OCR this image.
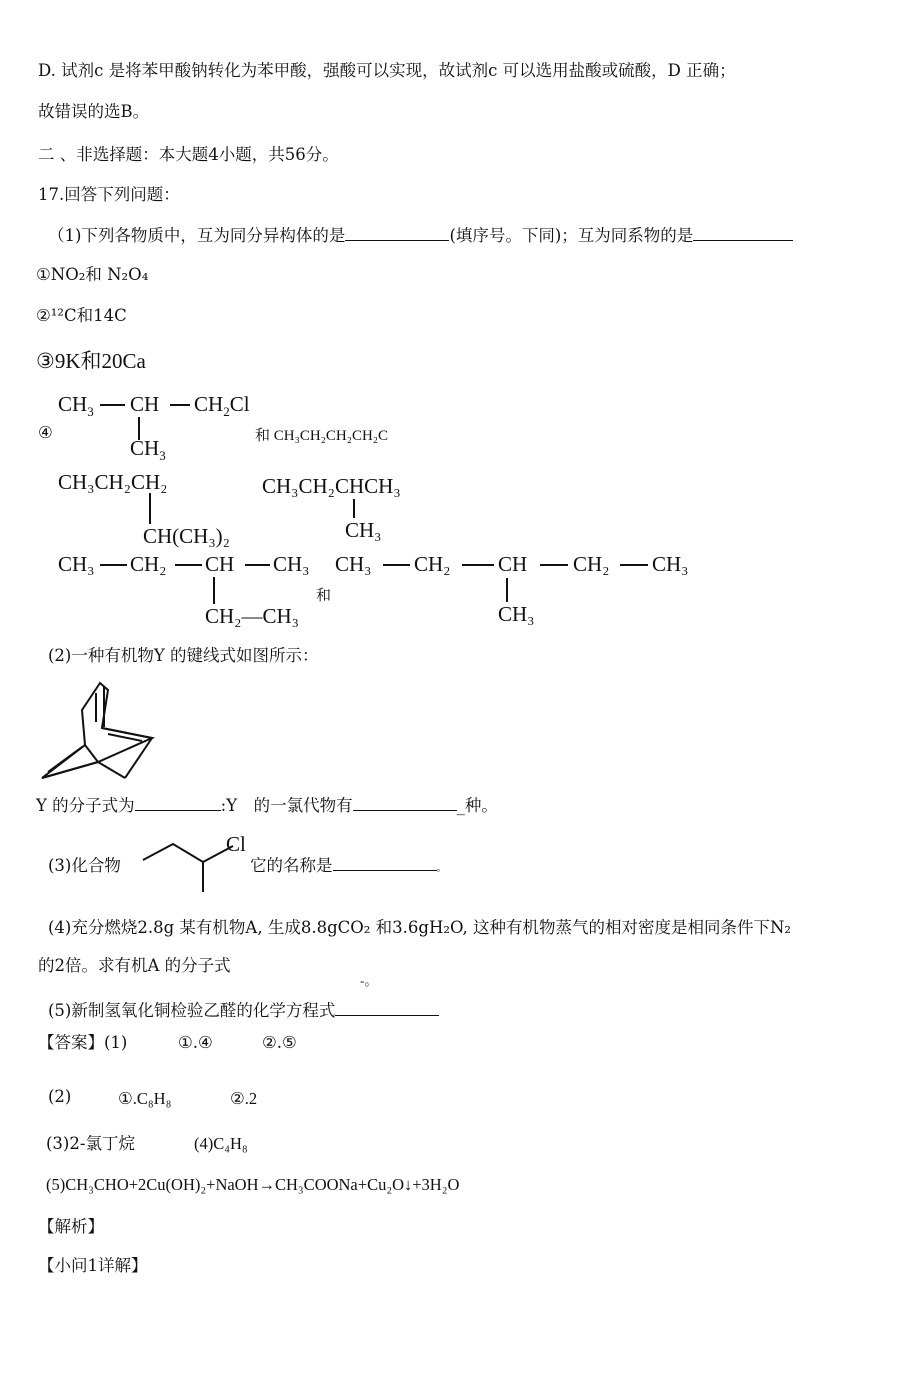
D. 试剂c 是将苯甲酸钠转化为苯甲酸，强酸可以实现，故试剂c 可以选用盐酸或硫酸，D 正确；
故错误的选B。
二 、非选择题：本大题4小题，共56分。
17.回答下列问题：
（1)下列各物质中，互为同分异构体的是	(填序号。下同)；互为同系物的是
①NO₂和 N₂O₄
②¹²C和14C
③9K和20Ca
④
$CH_3$ CH $CH_2Cl$
$CH_3$
和 CH₃CH₂CH₂CH₂C
CH₃CH₂CH₂
CH(CH₃)₂
CH₃ CH₂ CH CH₃
CH₂—CH₃
和
CH₃CH₂CHCH₃
CH₃
CH₃ CH₂ CH CH₂ CH₃
CH₃
(2)一种有机物Y 的键线式如图所示：
Y 的分子式为	:Y　的一氯代物有	_种。
(3)化合物
Cl
它的名称是	。
(4)充分燃烧2.8g 某有机物A, 生成8.8gCO₂ 和3.6gH₂O, 这种有机物蒸气的相对密度是相同条件下N₂
的2倍。求有机A 的分子式
-。
(5)新制氢氧化铜检验乙醛的化学方程式
【答案】(1)	①.④	②.⑤
(2)	①.C₈H₈	②.2
(3)2-氯丁烷	(4)C₄H₈
(5)CH₃CHO+2Cu(OH)₂+NaOH→CH₃COONa+Cu₂O↓+3H₂O
【解析】
【小问1详解】
